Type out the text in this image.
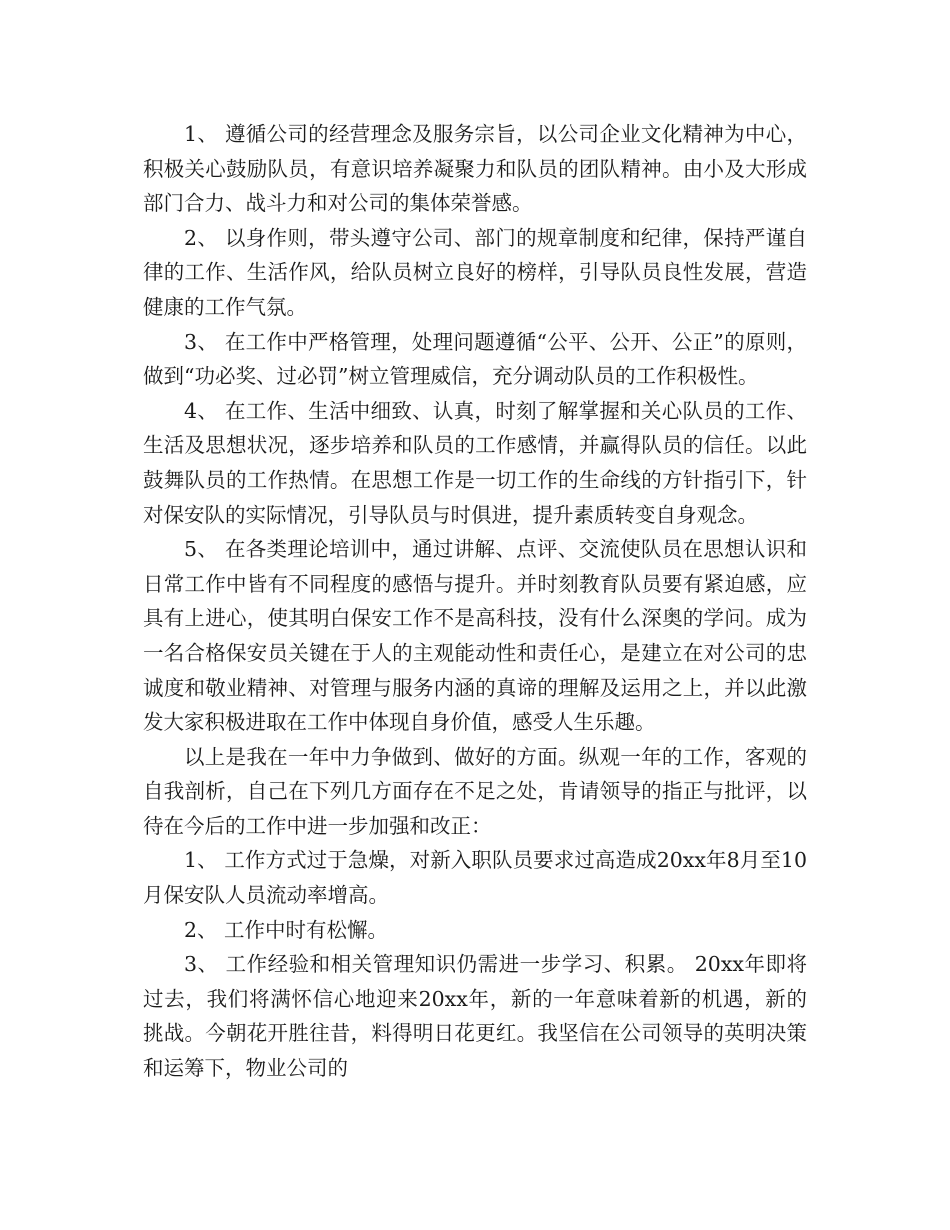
1、 遵循公司的经营理念及服务宗旨，以公司企业文化精神为中心，积极关心鼓励队员，有意识培养凝聚力和队员的团队精神。由小及大形成部门合力、战斗力和对公司的集体荣誉感。

2、 以身作则，带头遵守公司、部门的规章制度和纪律，保持严谨自律的工作、生活作风，给队员树立良好的榜样，引导队员良性发展，营造健康的工作气氛。

3、 在工作中严格管理，处理问题遵循“公平、公开、公正”的原则，做到“功必奖、过必罚”树立管理威信，充分调动队员的工作积极性。

4、 在工作、生活中细致、认真，时刻了解掌握和关心队员的工作、生活及思想状况，逐步培养和队员的工作感情，并赢得队员的信任。以此鼓舞队员的工作热情。在思想工作是一切工作的生命线的方针指引下，针对保安队的实际情况，引导队员与时俱进，提升素质转变自身观念。

5、 在各类理论培训中，通过讲解、点评、交流使队员在思想认识和日常工作中皆有不同程度的感悟与提升。并时刻教育队员要有紧迫感，应具有上进心，使其明白保安工作不是高科技，没有什么深奥的学问。成为一名合格保安员关键在于人的主观能动性和责任心，是建立在对公司的忠诚度和敬业精神、对管理与服务内涵的真谛的理解及运用之上，并以此激发大家积极进取在工作中体现自身价值，感受人生乐趣。

以上是我在一年中力争做到、做好的方面。纵观一年的工作，客观的自我剖析，自己在下列几方面存在不足之处，肯请领导的指正与批评，以待在今后的工作中进一步加强和改正：

1、 工作方式过于急燥，对新入职队员要求过高造成20xx年8月至10月保安队人员流动率增高。

2、 工作中时有松懈。

3、 工作经验和相关管理知识仍需进一步学习、积累。 20xx年即将过去，我们将满怀信心地迎来20xx年，新的一年意味着新的机遇，新的挑战。今朝花开胜往昔，料得明日花更红。我坚信在公司领导的英明决策和运筹下，物业公司的
